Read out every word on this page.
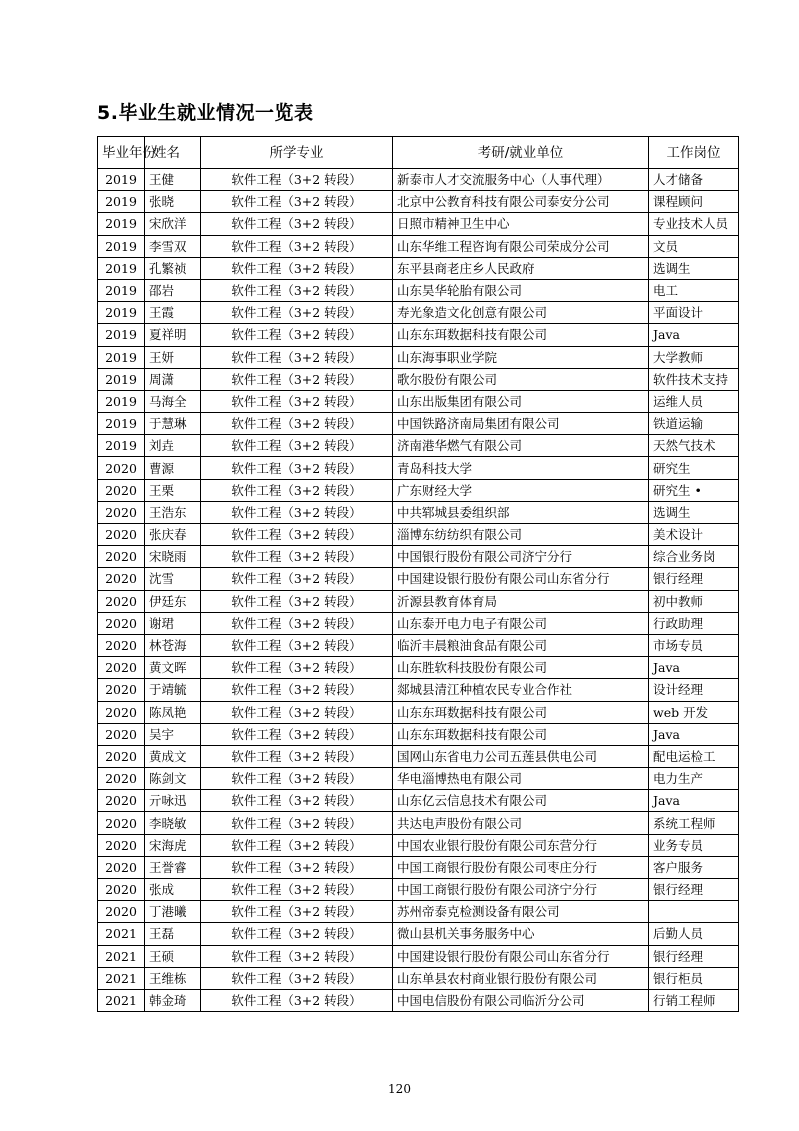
5.毕业生就业情况一览表
毕业年份	姓名	所学专业	考研/就业单位	工作岗位
2019	王健	软件工程（3+2 转段）	新泰市人才交流服务中心（人事代理）	人才储备
2019	张晓	软件工程（3+2 转段）	北京中公教育科技有限公司泰安分公司	课程顾问
2019	宋欣洋	软件工程（3+2 转段）	日照市精神卫生中心	专业技术人员
2019	李雪双	软件工程（3+2 转段）	山东华维工程咨询有限公司荣成分公司	文员
2019	孔繁祯	软件工程（3+2 转段）	东平县商老庄乡人民政府	选调生
2019	邵岩	软件工程（3+2 转段）	山东昊华轮胎有限公司	电工
2019	王霞	软件工程（3+2 转段）	寿光象造文化创意有限公司	平面设计
2019	夏祥明	软件工程（3+2 转段）	山东东珥数据科技有限公司	Java
2019	王妍	软件工程（3+2 转段）	山东海事职业学院	大学教师
2019	周潇	软件工程（3+2 转段）	歌尔股份有限公司	软件技术支持
2019	马海全	软件工程（3+2 转段）	山东出版集团有限公司	运维人员
2019	于慧琳	软件工程（3+2 转段）	中国铁路济南局集团有限公司	铁道运输
2019	刘垚	软件工程（3+2 转段）	济南港华燃气有限公司	天然气技术
2020	曹源	软件工程（3+2 转段）	青岛科技大学	研究生
2020	王栗	软件工程（3+2 转段）	广东财经大学	研究生 •
2020	王浩东	软件工程（3+2 转段）	中共郓城县委组织部	选调生
2020	张庆春	软件工程（3+2 转段）	淄博东纺纺织有限公司	美术设计
2020	宋晓雨	软件工程（3+2 转段）	中国银行股份有限公司济宁分行	综合业务岗
2020	沈雪	软件工程（3+2 转段）	中国建设银行股份有限公司山东省分行	银行经理
2020	伊廷东	软件工程（3+2 转段）	沂源县教育体育局	初中教师
2020	谢珺	软件工程（3+2 转段）	山东泰开电力电子有限公司	行政助理
2020	林苍海	软件工程（3+2 转段）	临沂丰晨粮油食品有限公司	市场专员
2020	黄文晖	软件工程（3+2 转段）	山东胜软科技股份有限公司	Java
2020	于靖毓	软件工程（3+2 转段）	郯城县清江种植农民专业合作社	设计经理
2020	陈凤艳	软件工程（3+2 转段）	山东东珥数据科技有限公司	web 开发
2020	吴宇	软件工程（3+2 转段）	山东东珥数据科技有限公司	Java
2020	黄成文	软件工程（3+2 转段）	国网山东省电力公司五莲县供电公司	配电运检工
2020	陈剑文	软件工程（3+2 转段）	华电淄博热电有限公司	电力生产
2020	亓咏迅	软件工程（3+2 转段）	山东亿云信息技术有限公司	Java
2020	李晓敏	软件工程（3+2 转段）	共达电声股份有限公司	系统工程师
2020	宋海虎	软件工程（3+2 转段）	中国农业银行股份有限公司东营分行	业务专员
2020	王誉睿	软件工程（3+2 转段）	中国工商银行股份有限公司枣庄分行	客户服务
2020	张成	软件工程（3+2 转段）	中国工商银行股份有限公司济宁分行	银行经理
2020	丁港曦	软件工程（3+2 转段）	苏州帝泰克检测设备有限公司	
2021	王磊	软件工程（3+2 转段）	微山县机关事务服务中心	后勤人员
2021	王硕	软件工程（3+2 转段）	中国建设银行股份有限公司山东省分行	银行经理
2021	王维栋	软件工程（3+2 转段）	山东单县农村商业银行股份有限公司	银行柜员
2021	韩金琦	软件工程（3+2 转段）	中国电信股份有限公司临沂分公司	行销工程师
120
